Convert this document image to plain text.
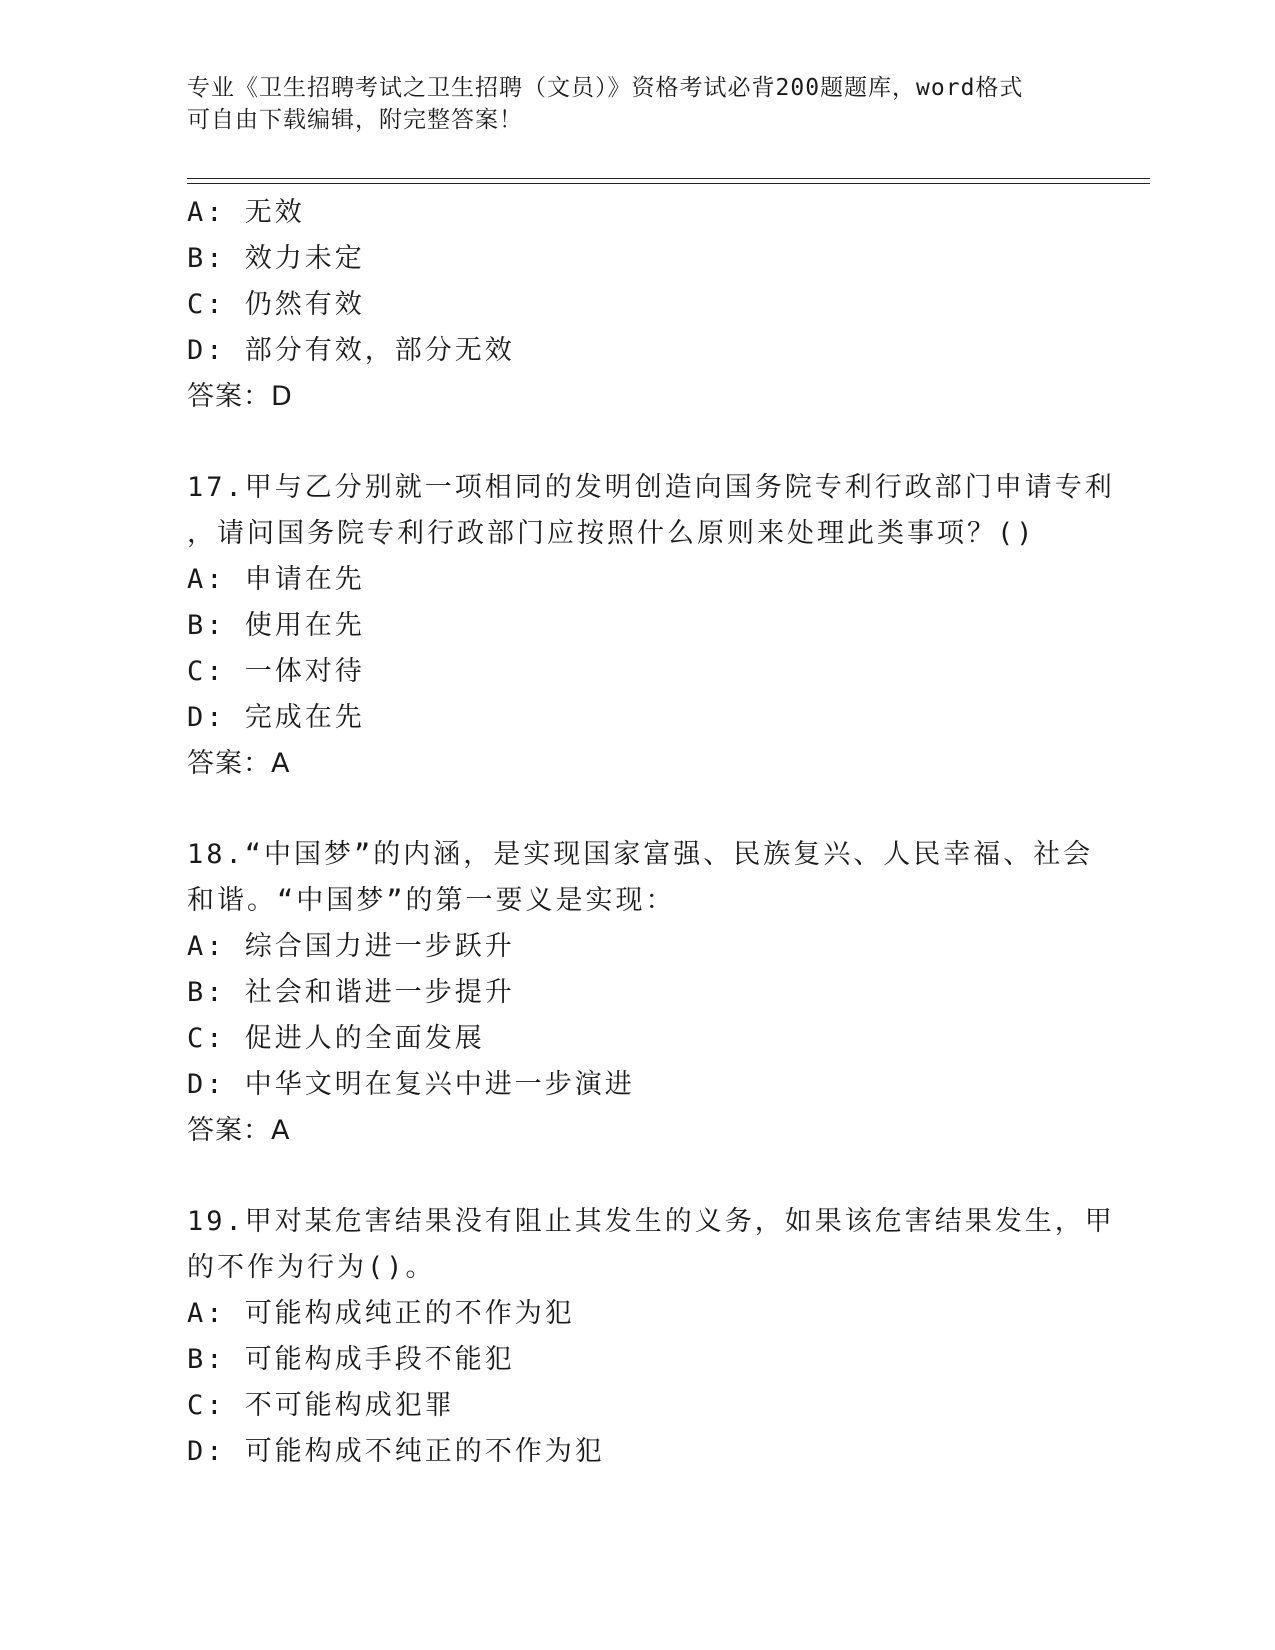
专业《卫生招聘考试之卫生招聘（文员）》资格考试必背200题题库，word格式
可自由下载编辑，附完整答案！
A: 无效
B: 效力未定
C: 仍然有效
D: 部分有效，部分无效
答案：D
17.甲与乙分别就一项相同的发明创造向国务院专利行政部门申请专利
，请问国务院专利行政部门应按照什么原则来处理此类事项？()
A: 申请在先
B: 使用在先
C: 一体对待
D: 完成在先
答案：A
18.“中国梦”的内涵，是实现国家富强、民族复兴、人民幸福、社会
和谐。“中国梦”的第一要义是实现：
A: 综合国力进一步跃升
B: 社会和谐进一步提升
C: 促进人的全面发展
D: 中华文明在复兴中进一步演进
答案：A
19.甲对某危害结果没有阻止其发生的义务，如果该危害结果发生，甲
的不作为行为()。
A: 可能构成纯正的不作为犯
B: 可能构成手段不能犯
C: 不可能构成犯罪
D: 可能构成不纯正的不作为犯
